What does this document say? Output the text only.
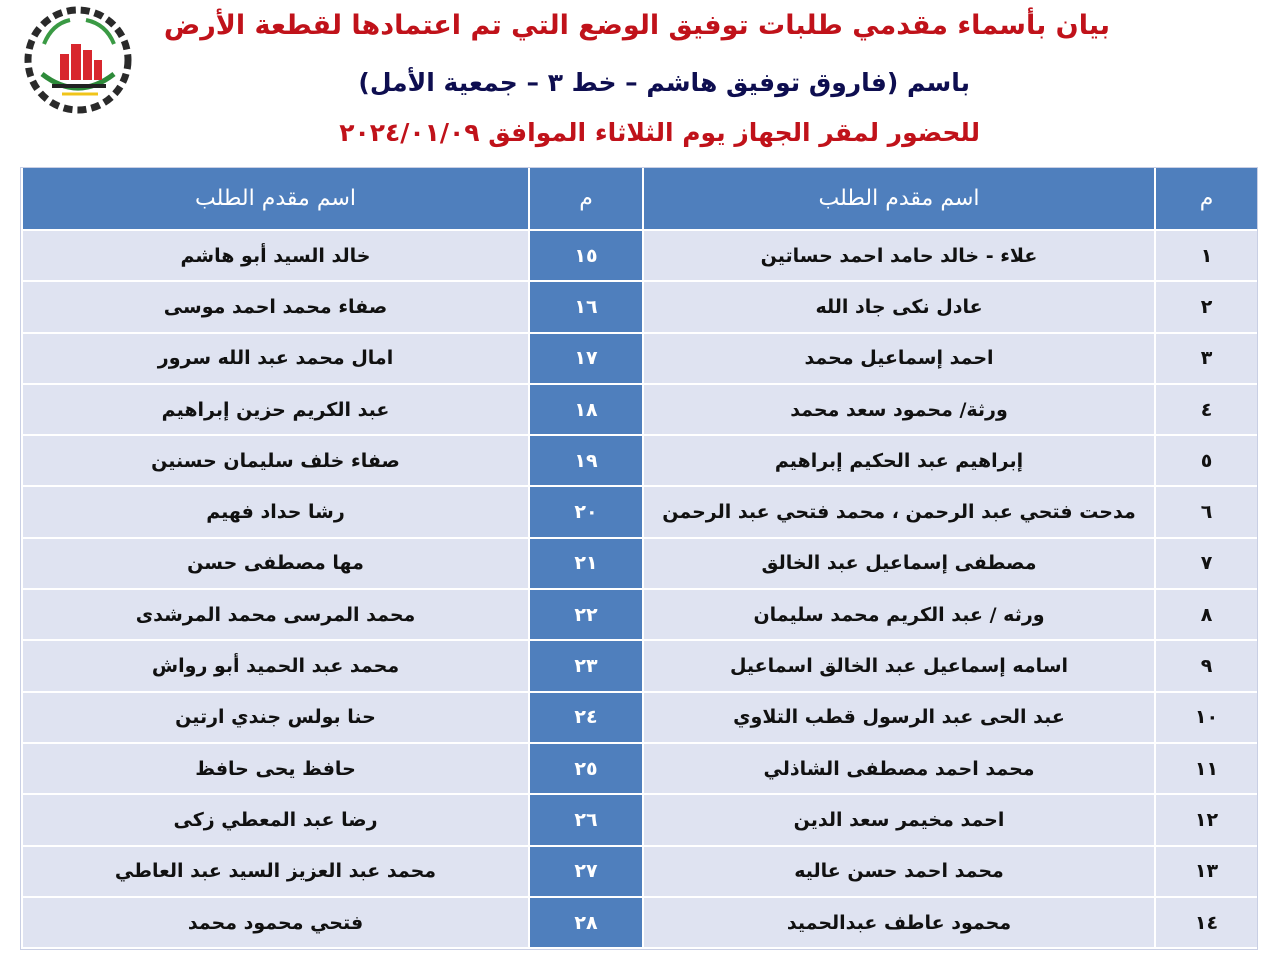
بيان بأسماء مقدمي طلبات توفيق الوضع التي تم اعتمادها لقطعة الأرض
باسم (فاروق توفيق هاشم – خط ٣ – جمعية الأمل)
للحضور لمقر الجهاز يوم الثلاثاء الموافق ٢٠٢٤/٠١/٠٩
م
اسم مقدم الطلب
م
اسم مقدم الطلب
١
علاء - خالد حامد احمد حساتين
١٥
خالد السيد أبو هاشم
٢
عادل نكى جاد الله
١٦
صفاء محمد احمد موسى
٣
احمد إسماعيل محمد
١٧
امال محمد عبد الله سرور
٤
ورثة/ محمود سعد محمد
١٨
عبد الكريم حزين إبراهيم
٥
إبراهيم عبد الحكيم إبراهيم
١٩
صفاء خلف سليمان حسنين
٦
مدحت فتحي عبد الرحمن ، محمد فتحي عبد الرحمن
٢٠
رشا حداد فهيم
٧
مصطفى إسماعيل عبد الخالق
٢١
مها مصطفى حسن
٨
ورثه / عبد الكريم محمد سليمان
٢٢
محمد المرسى محمد المرشدى
٩
اسامه إسماعيل عبد الخالق اسماعيل
٢٣
محمد عبد الحميد أبو رواش
١٠
عبد الحى عبد الرسول قطب التلاوي
٢٤
حنا بولس جندي ارتين
١١
محمد احمد مصطفى الشاذلي
٢٥
حافظ يحى حافظ
١٢
احمد مخيمر سعد الدين
٢٦
رضا عبد المعطي زكى
١٣
محمد احمد حسن عاليه
٢٧
محمد عبد العزيز السيد عبد العاطي
١٤
محمود عاطف عبدالحميد
٢٨
فتحي محمود محمد
